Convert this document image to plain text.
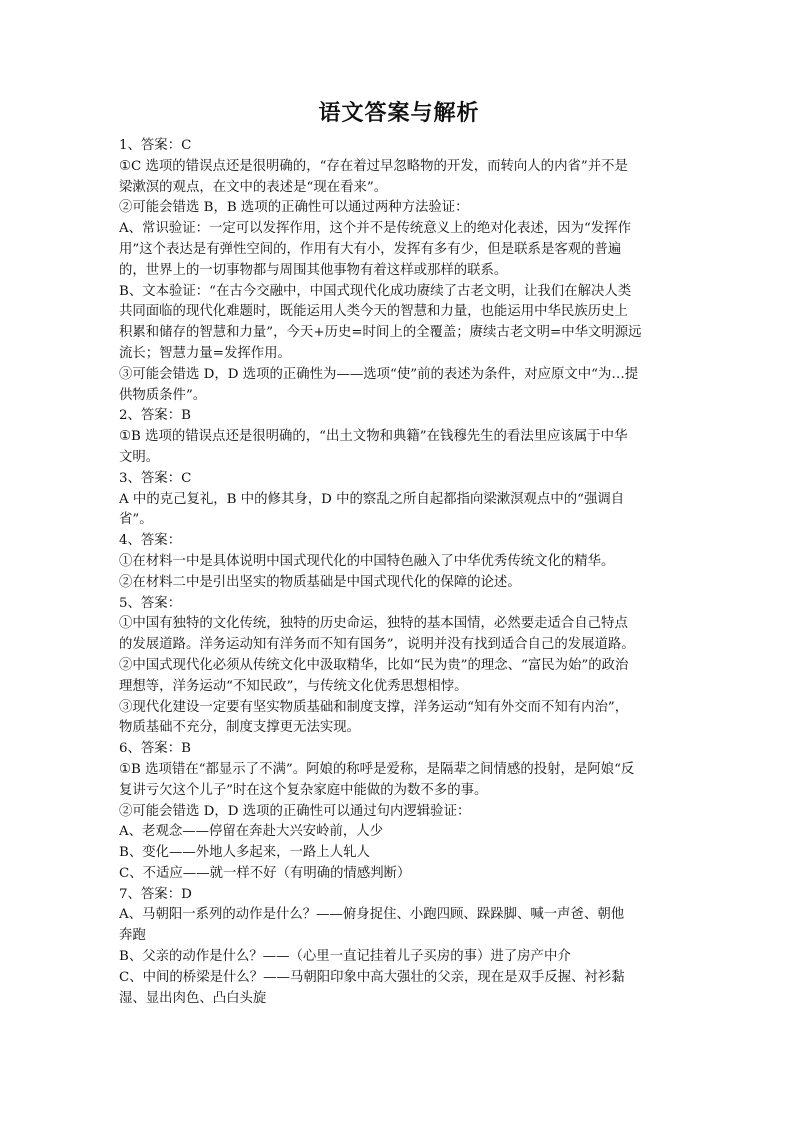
语文答案与解析
1、答案：C
①C 选项的错误点还是很明确的，“存在着过早忽略物的开发，而转向人的内省”并不是
梁漱溟的观点，在文中的表述是“现在看来”。
②可能会错选 B，B 选项的正确性可以通过两种方法验证：
A、常识验证：一定可以发挥作用，这个并不是传统意义上的绝对化表述，因为“发挥作
用”这个表达是有弹性空间的，作用有大有小，发挥有多有少，但是联系是客观的普遍
的，世界上的一切事物都与周围其他事物有着这样或那样的联系。
B、文本验证：“在古今交融中，中国式现代化成功赓续了古老文明，让我们在解决人类
共同面临的现代化难题时，既能运用人类今天的智慧和力量，也能运用中华民族历史上
积累和储存的智慧和力量”，今天+历史=时间上的全覆盖；赓续古老文明=中华文明源远
流长；智慧力量=发挥作用。
③可能会错选 D，D 选项的正确性为——选项“使”前的表述为条件，对应原文中“为…提
供物质条件”。
2、答案：B
①B 选项的错误点还是很明确的，“出土文物和典籍”在钱穆先生的看法里应该属于中华
文明。
3、答案：C
A 中的克己复礼，B 中的修其身，D 中的察乱之所自起都指向梁漱溟观点中的“强调自
省”。
4、答案：
①在材料一中是具体说明中国式现代化的中国特色融入了中华优秀传统文化的精华。
②在材料二中是引出坚实的物质基础是中国式现代化的保障的论述。
5、答案：
①中国有独特的文化传统，独特的历史命运，独特的基本国情，必然要走适合自己特点
的发展道路。洋务运动知有洋务而不知有国务”，说明并没有找到适合自己的发展道路。
②中国式现代化必须从传统文化中汲取精华，比如“民为贵”的理念、“富民为始”的政治
理想等，洋务运动“不知民政”，与传统文化优秀思想相悖。
③现代化建设一定要有坚实物质基础和制度支撑，洋务运动“知有外交而不知有内治”，
物质基础不充分，制度支撑更无法实现。
6、答案：B
①B 选项错在“都显示了不满”。阿娘的称呼是爱称，是隔辈之间情感的投射，是阿娘“反
复讲亏欠这个儿子”时在这个复杂家庭中能做的为数不多的事。
②可能会错选 D，D 选项的正确性可以通过句内逻辑验证：
A、老观念——停留在奔赴大兴安岭前，人少
B、变化——外地人多起来，一路上人轧人
C、不适应——就一样不好（有明确的情感判断）
7、答案：D
A、马朝阳一系列的动作是什么？——俯身捉住、小跑四顾、跺跺脚、喊一声爸、朝他
奔跑
B、父亲的动作是什么？——（心里一直记挂着儿子买房的事）进了房产中介
C、中间的桥梁是什么？——马朝阳印象中高大强壮的父亲，现在是双手反握、衬衫黏
湿、显出肉色、凸白头旋
